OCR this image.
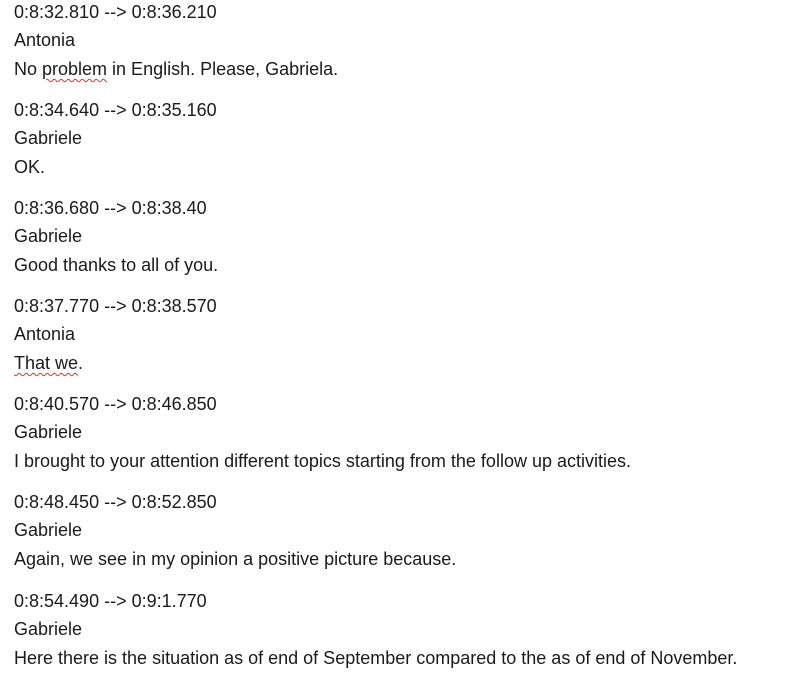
0:8:32.810 --> 0:8:36.210
Antonia
No problem in English. Please, Gabriela.
0:8:34.640 --> 0:8:35.160
Gabriele
OK.
0:8:36.680 --> 0:8:38.40
Gabriele
Good thanks to all of you.
0:8:37.770 --> 0:8:38.570
Antonia
That we.
0:8:40.570 --> 0:8:46.850
Gabriele
I brought to your attention different topics starting from the follow up activities.
0:8:48.450 --> 0:8:52.850
Gabriele
Again, we see in my opinion a positive picture because.
0:8:54.490 --> 0:9:1.770
Gabriele
Here there is the situation as of end of September compared to the as of end of November.
